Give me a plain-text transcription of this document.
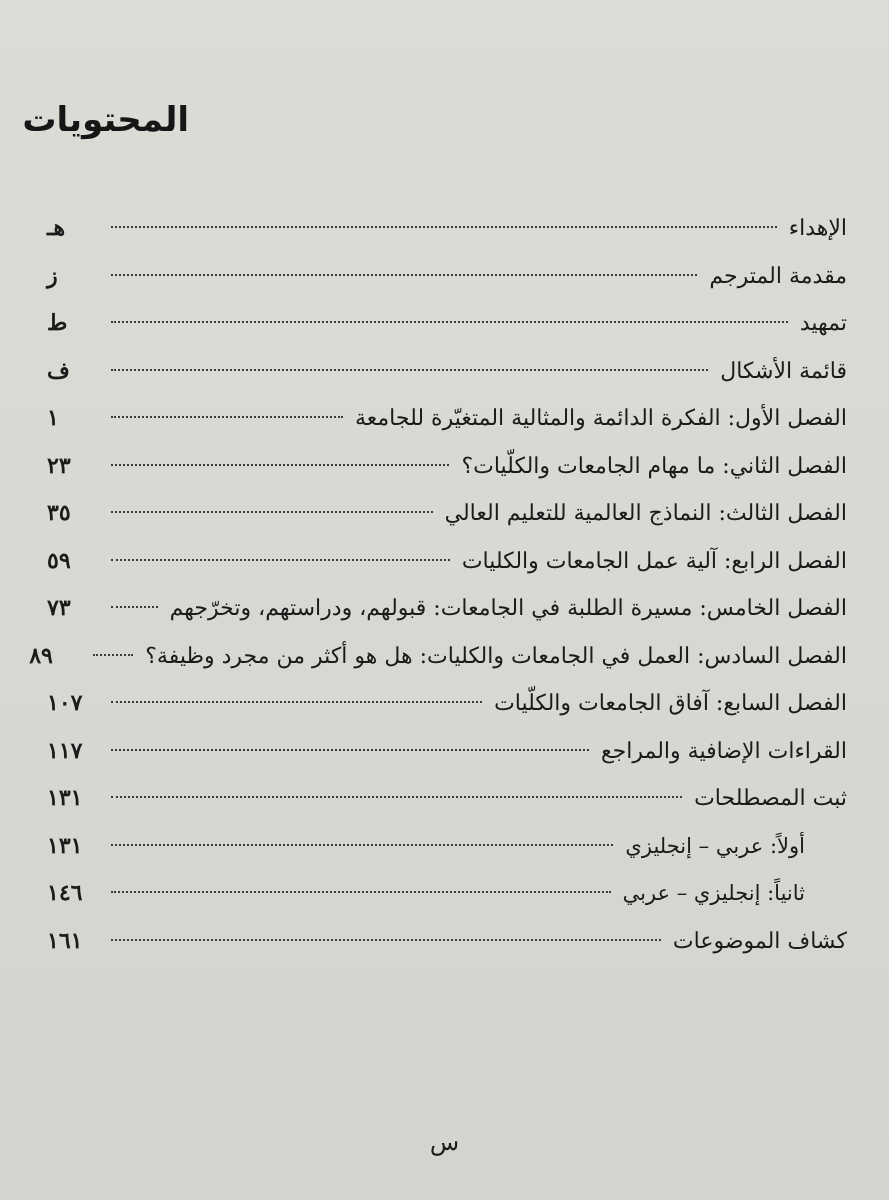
المحتويات
الإهداء
هـ
مقدمة المترجم
ز
تمهيد
ط
قائمة الأشكال
ف
الفصل الأول: الفكرة الدائمة والمثالية المتغيّرة للجامعة
١
الفصل الثاني: ما مهام الجامعات والكلّيات؟
٢٣
الفصل الثالث: النماذج العالمية للتعليم العالي
٣٥
الفصل الرابع: آلية عمل الجامعات والكليات
٥٩
الفصل الخامس: مسيرة الطلبة في الجامعات: قبولهم، ودراستهم، وتخرّجهم
٧٣
الفصل السادس: العمل في الجامعات والكليات: هل هو أكثر من مجرد وظيفة؟
٨٩
الفصل السابع: آفاق الجامعات والكلّيات
١٠٧
القراءات الإضافية والمراجع
١١٧
ثبت المصطلحات
١٣١
أولاً: عربي – إنجليزي
١٣١
ثانياً: إنجليزي – عربي
١٤٦
كشاف الموضوعات
١٦١
س
